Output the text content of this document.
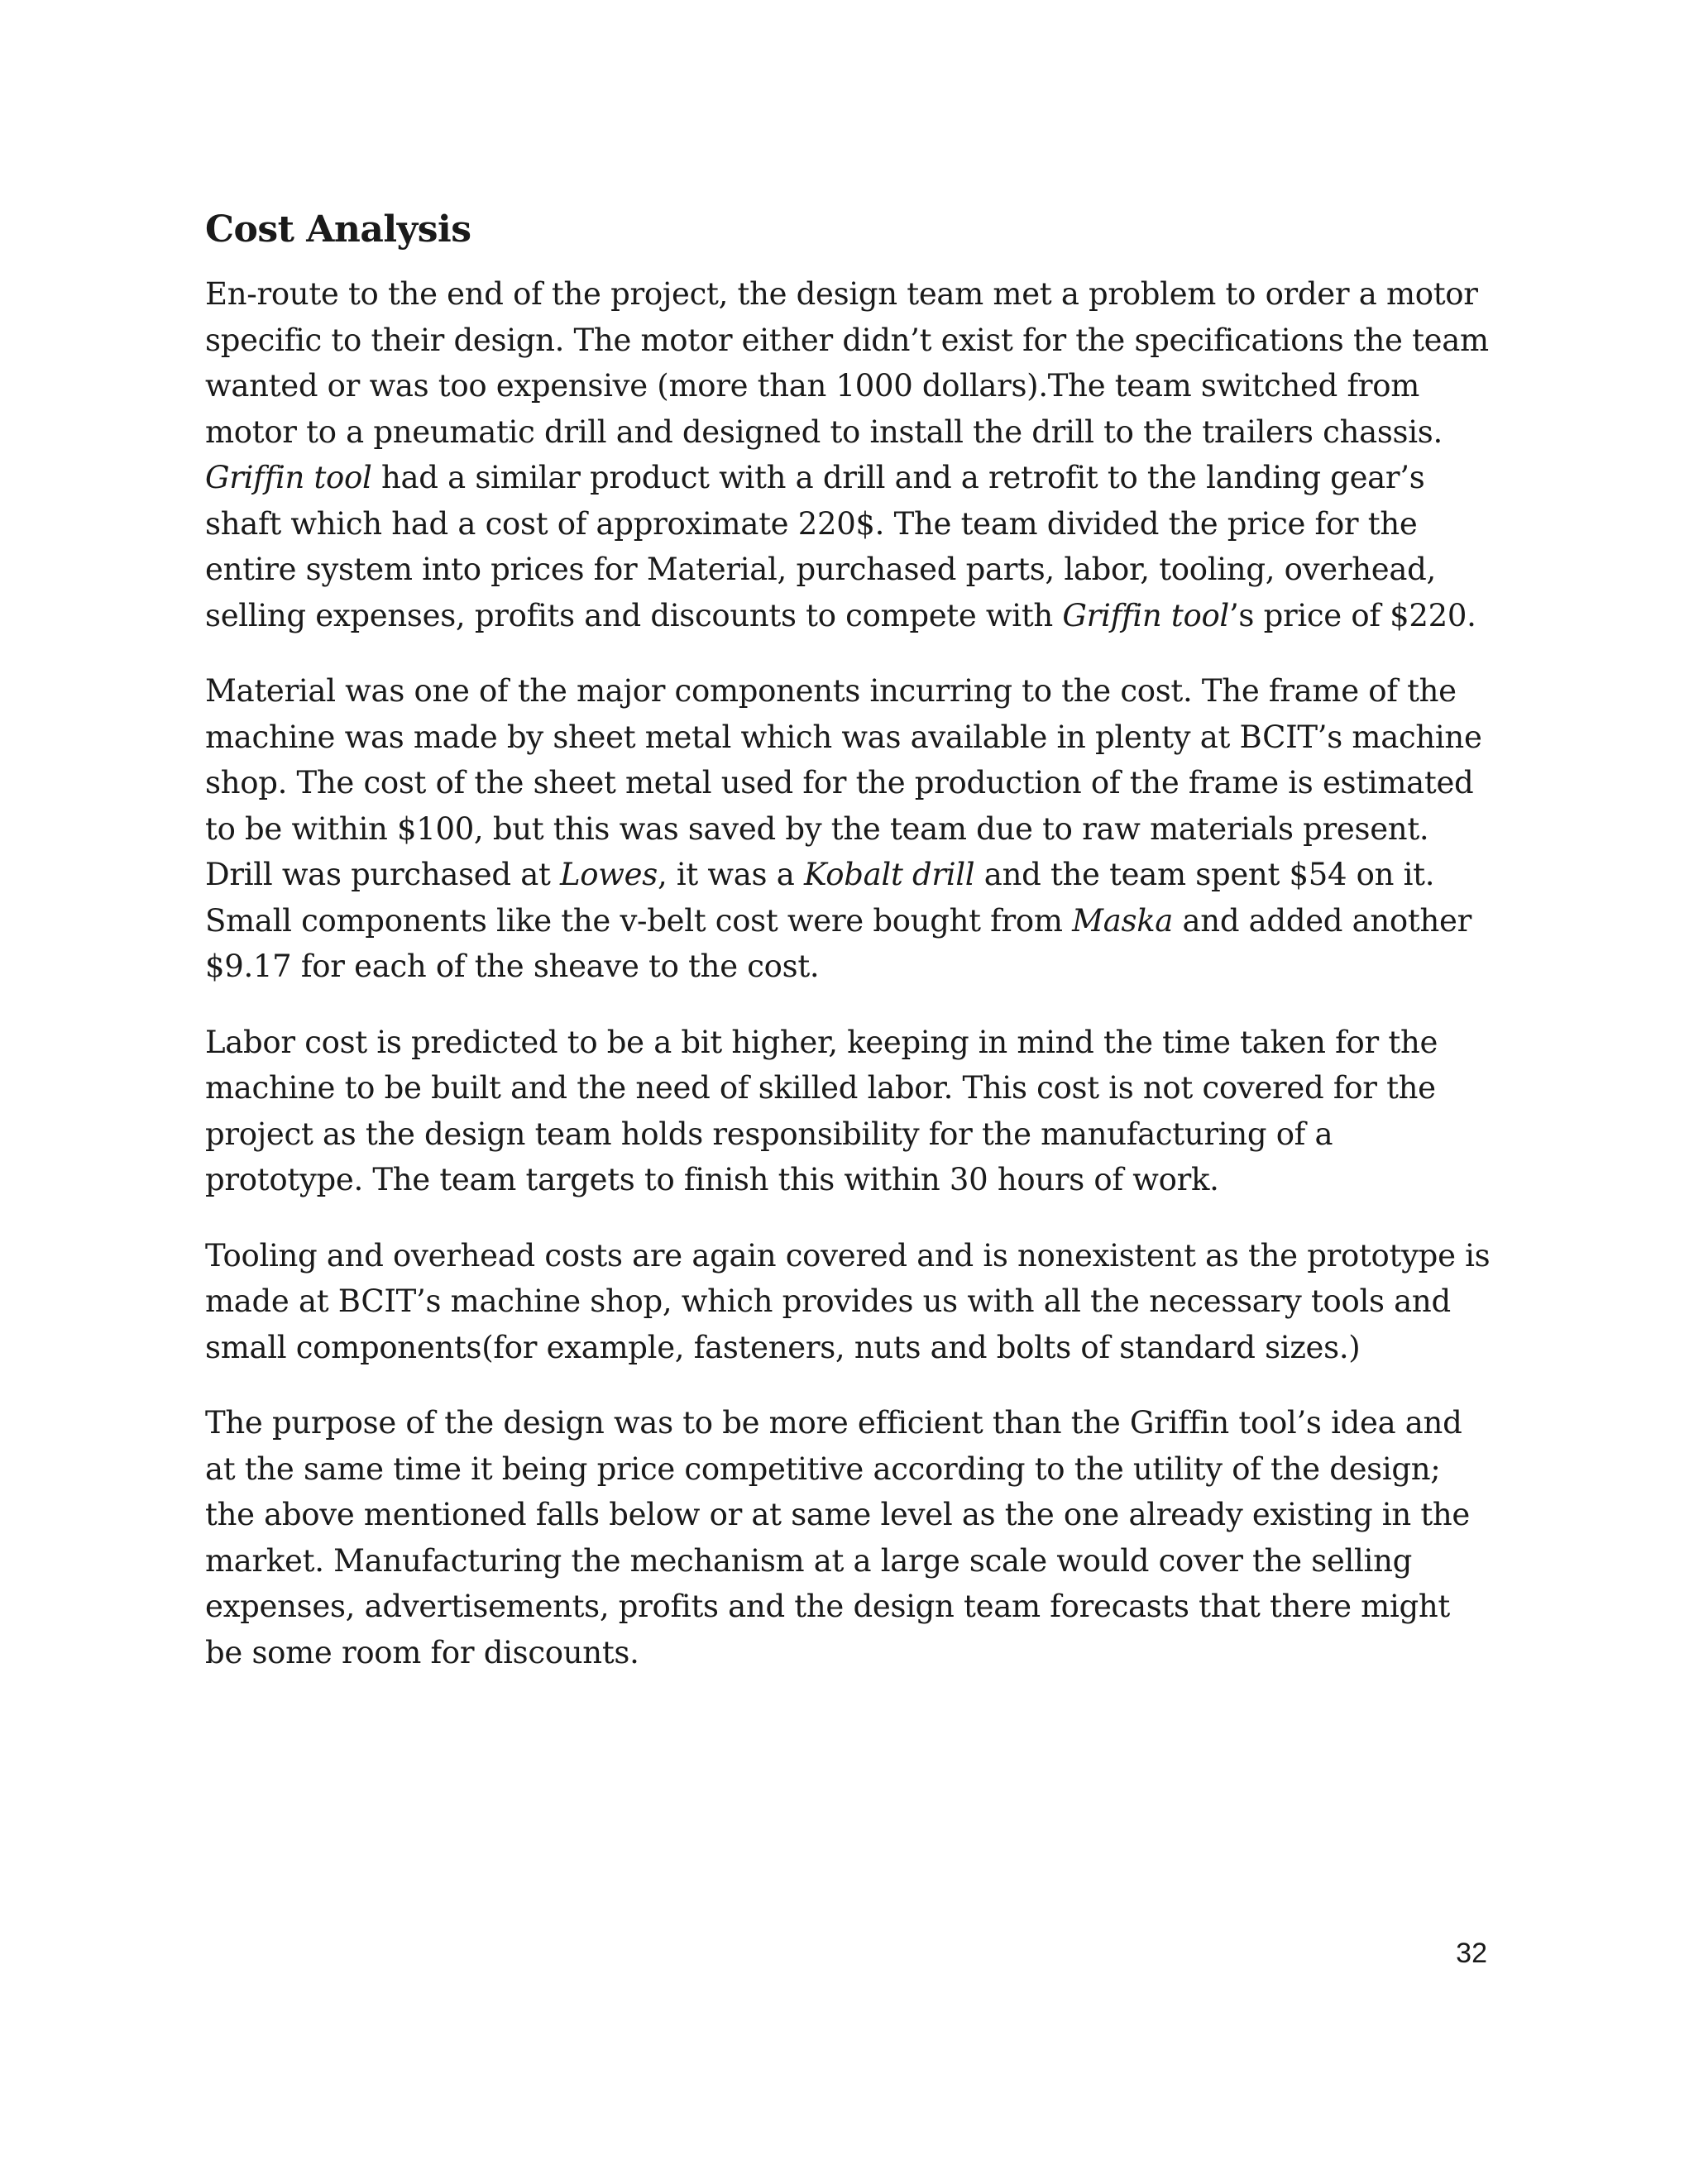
Cost Analysis

En-route to the end of the project, the design team met a problem to order a motor specific to their design. The motor either didn’t exist for the specifications the team wanted or was too expensive (more than 1000 dollars).The team switched from motor to a pneumatic drill and designed to install the drill to the trailers chassis. Griffin tool had a similar product with a drill and a retrofit to the landing gear’s shaft which had a cost of approximate 220$. The team divided the price for the entire system into prices for Material, purchased parts, labor, tooling, overhead, selling expenses, profits and discounts to compete with Griffin tool’s price of $220.

Material was one of the major components incurring to the cost. The frame of the machine was made by sheet metal which was available in plenty at BCIT’s machine shop. The cost of the sheet metal used for the production of the frame is estimated to be within $100, but this was saved by the team due to raw materials present. Drill was purchased at Lowes, it was a Kobalt drill and the team spent $54 on it. Small components like the v-belt cost were bought from Maska and added another $9.17 for each of the sheave to the cost.

Labor cost is predicted to be a bit higher, keeping in mind the time taken for the machine to be built and the need of skilled labor. This cost is not covered for the project as the design team holds responsibility for the manufacturing of a prototype. The team targets to finish this within 30 hours of work.

Tooling and overhead costs are again covered and is nonexistent as the prototype is made at BCIT’s machine shop, which provides us with all the necessary tools and small components(for example, fasteners, nuts and bolts of standard sizes.)

The purpose of the design was to be more efficient than the Griffin tool’s idea and at the same time it being price competitive according to the utility of the design; the above mentioned falls below or at same level as the one already existing in the market. Manufacturing the mechanism at a large scale would cover the selling expenses, advertisements, profits and the design team forecasts that there might be some room for discounts.

32
